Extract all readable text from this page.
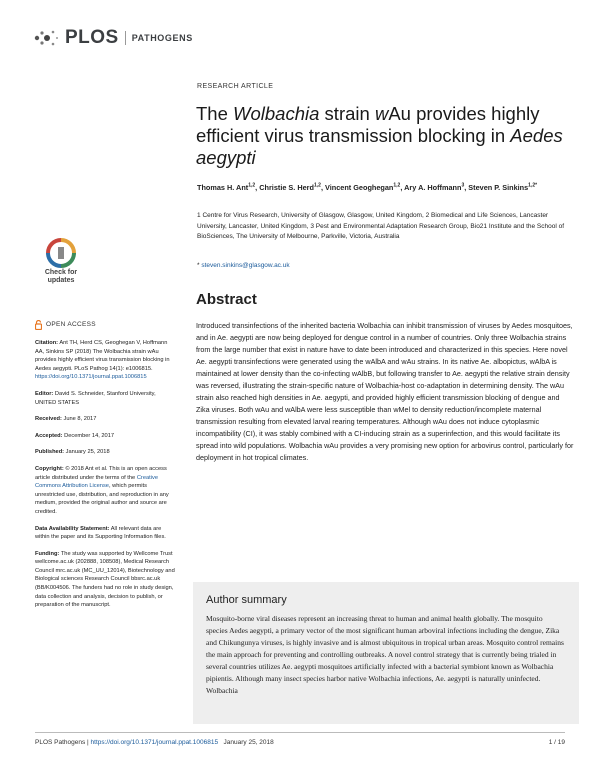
PLOS PATHOGENS
RESEARCH ARTICLE
The Wolbachia strain wAu provides highly efficient virus transmission blocking in Aedes aegypti
Thomas H. Ant$^{1,2}$, Christie S. Herd$^{1,2}$, Vincent Geoghegan$^{1,2}$, Ary A. Hoffmann$^3$, Steven P. Sinkins$^{1,2*}$
1 Centre for Virus Research, University of Glasgow, Glasgow, United Kingdom, 2 Biomedical and Life Sciences, Lancaster University, Lancaster, United Kingdom, 3 Pest and Environmental Adaptation Research Group, Bio21 Institute and the School of BioSciences, The University of Melbourne, Parkville, Victoria, Australia
* steven.sinkins@glasgow.ac.uk
Check for
updates
Abstract

Introduced transinfections of the inherited bacteria Wolbachia can inhibit transmission of viruses by Aedes mosquitoes, and in Ae. aegypti are now being deployed for dengue control in a number of countries. Only three Wolbachia strains from the large number that exist in nature have to date been introduced and characterized in this species. Here novel Ae. aegypti transinfections were generated using the wAlbA and wAu strains. In its native Ae. albopictus, wAlbA is maintained at lower density than the co-infecting wAlbB, but following transfer to Ae. aegypti the relative strain density was reversed, illustrating the strain-specific nature of Wolbachia-host co-adaptation in determining density. The wAu strain also reached high densities in Ae. aegypti, and provided highly efficient transmission blocking of dengue and Zika viruses. Both wAu and wAlbA were less susceptible than wMel to density reduction/incomplete maternal transmission resulting from elevated larval rearing temperatures. Although wAu does not induce cytoplasmic incompatibility (CI), it was stably combined with a CI-inducing strain as a superinfection, and this would facilitate its spread into wild populations. Wolbachia wAu provides a very promising new option for arbovirus control, particularly for deployment in hot tropical climates.

OPEN ACCESS

Citation: Ant TH, Herd CS, Geoghegan V, Hoffmann AA, Sinkins SP (2018) The Wolbachia strain wAu provides highly efficient virus transmission blocking in Aedes aegypti. PLoS Pathog 14(1): e1006815. https://doi.org/10.1371/journal.ppat.1006815

Editor: David S. Schneider, Stanford University, UNITED STATES

Received: June 8, 2017

Accepted: December 14, 2017

Published: January 25, 2018

Copyright: © 2018 Ant et al. This is an open access article distributed under the terms of the Creative Commons Attribution License, which permits unrestricted use, distribution, and reproduction in any medium, provided the original author and source are credited.

Data Availability Statement: All relevant data are within the paper and its Supporting Information files.

Funding: The study was supported by Wellcome Trust wellcome.ac.uk (202888, 108508), Medical Research Council mrc.ac.uk (MC_UU_12014), Biotechnology and Biological sciences Research Council bbsrc.ac.uk (BB/K004506. The funders had no role in study design, data collection and analysis, decision to publish, or preparation of the manuscript.	Author summary

Mosquito-borne viral diseases represent an increasing threat to human and animal health globally. The mosquito species Aedes aegypti, a primary vector of the most significant human arboviral infections including the dengue, Zika and Chikungunya viruses, is highly invasive and is almost ubiquitous in tropical urban areas. Mosquito control remains the main approach for preventing and controlling outbreaks. A novel control strategy that is currently being trialed in several countries utilizes Ae. aegypti mosquitoes artificially infected with a bacterial symbiont known as Wolbachia pipientis. Although many insect species harbor native Wolbachia infections, Ae. aegypti is naturally uninfected. Wolbachia

PLOS Pathogens | https://doi.org/10.1371/journal.ppat.1006815 January 25, 2018	1 / 19
